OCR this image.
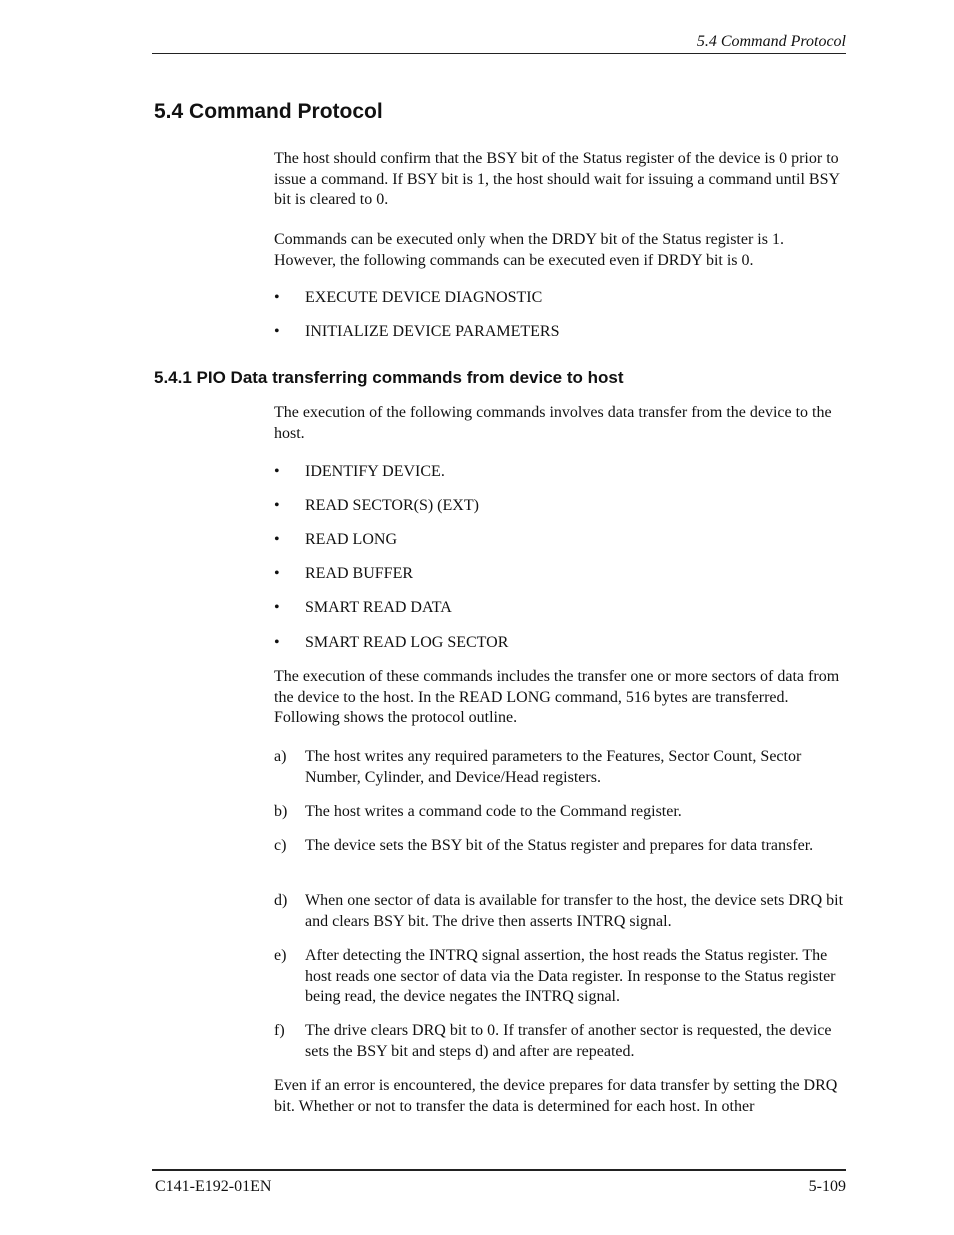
5.4 Command Protocol
5.4 Command Protocol

The host should confirm that the BSY bit of the Status register of the device is 0 prior to issue a command. If BSY bit is 1, the host should wait for issuing a command until BSY bit is cleared to 0.

Commands can be executed only when the DRDY bit of the Status register is 1. However, the following commands can be executed even if DRDY bit is 0.

•	EXECUTE DEVICE DIAGNOSTIC
•	INITIALIZE DEVICE PARAMETERS
5.4.1 PIO Data transferring commands from device to host

The execution of the following commands involves data transfer from the device to the host.

•	IDENTIFY DEVICE.
•	READ SECTOR(S) (EXT)
•	READ LONG
•	READ BUFFER
•	SMART READ DATA
•	SMART READ LOG SECTOR

The execution of these commands includes the transfer one or more sectors of data from the device to the host. In the READ LONG command, 516 bytes are transferred. Following shows the protocol outline.

a)	The host writes any required parameters to the Features, Sector Count, Sector Number, Cylinder, and Device/Head registers.
b)	The host writes a command code to the Command register.
c)	The device sets the BSY bit of the Status register and prepares for data transfer.
d)	When one sector of data is available for transfer to the host, the device sets DRQ bit and clears BSY bit. The drive then asserts INTRQ signal.
e)	After detecting the INTRQ signal assertion, the host reads the Status register. The host reads one sector of data via the Data register. In response to the Status register being read, the device negates the INTRQ signal.
f)	The drive clears DRQ bit to 0. If transfer of another sector is requested, the device sets the BSY bit and steps d) and after are repeated.

Even if an error is encountered, the device prepares for data transfer by setting the DRQ bit. Whether or not to transfer the data is determined for each host. In other

C141-E192-01EN	5-109
